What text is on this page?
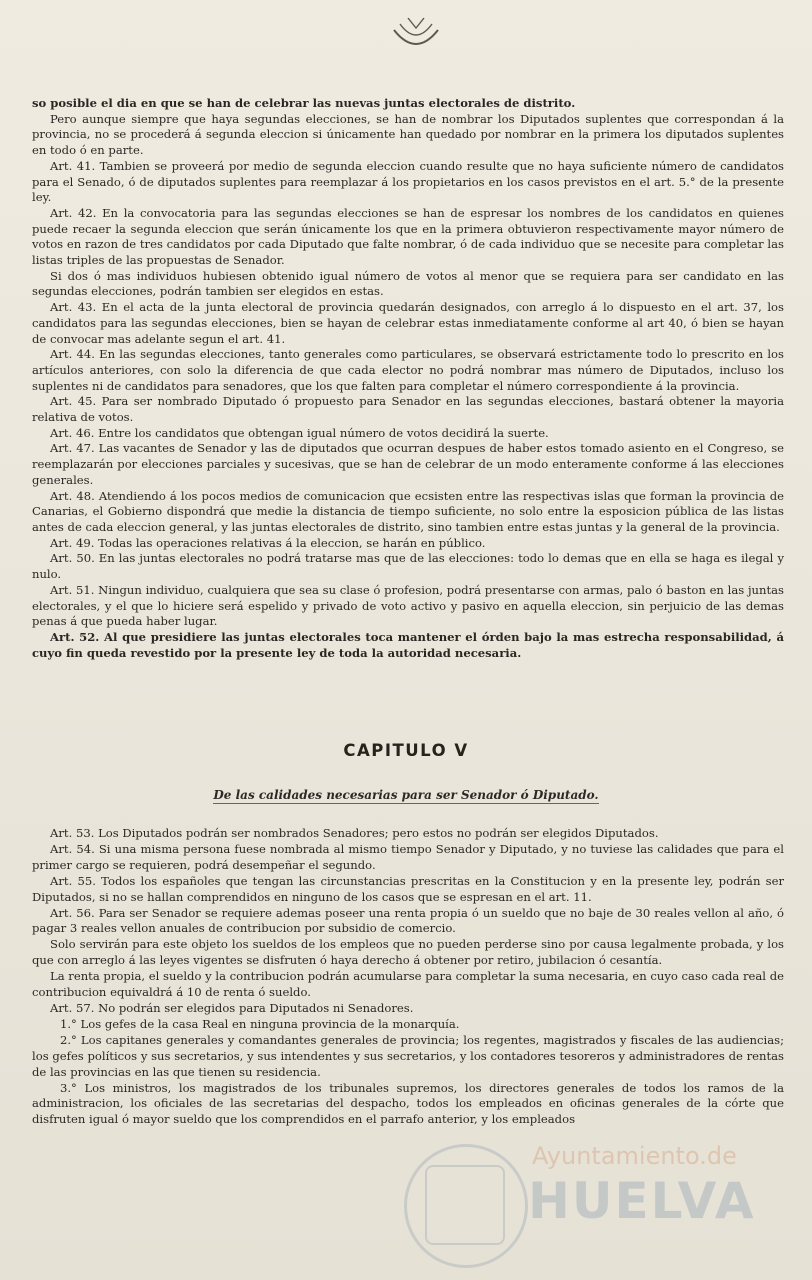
so posible el dia en que se han de celebrar las nuevas juntas electorales de distrito.

Pero aunque siempre que haya segundas elecciones, se han de nombrar los Diputados suplentes que correspondan á la provincia, no se procederá á segunda eleccion si únicamente han quedado por nombrar en la primera los diputados suplentes en todo ó en parte.

Art. 41. Tambien se proveerá por medio de segunda eleccion cuando resulte que no haya suficiente número de candidatos para el Senado, ó de diputados suplentes para reemplazar á los propietarios en los casos previstos en el art. 5.° de la presente ley.

Art. 42. En la convocatoria para las segundas elecciones se han de espresar los nombres de los candidatos en quienes puede recaer la segunda eleccion que serán únicamente los que en la primera obtuvieron respectivamente mayor número de votos en razon de tres candidatos por cada Diputado que falte nombrar, ó de cada individuo que se necesite para completar las listas triples de las propuestas de Senador.

Si dos ó mas individuos hubiesen obtenido igual número de votos al menor que se requiera para ser candidato en las segundas elecciones, podrán tambien ser elegidos en estas.

Art. 43. En el acta de la junta electoral de provincia quedarán designados, con arreglo á lo dispuesto en el art. 37, los candidatos para las segundas elecciones, bien se hayan de celebrar estas inmediatamente conforme al art 40, ó bien se hayan de convocar mas adelante segun el art. 41.

Art. 44. En las segundas elecciones, tanto generales como particulares, se observará estrictamente todo lo prescrito en los artículos anteriores, con solo la diferencia de que cada elector no podrá nombrar mas número de Diputados, incluso los suplentes ni de candidatos para senadores, que los que falten para completar el número correspondiente á la provincia.

Art. 45. Para ser nombrado Diputado ó propuesto para Senador en las segundas elecciones, bastará obtener la mayoria relativa de votos.

Art. 46. Entre los candidatos que obtengan igual número de votos decidirá la suerte.

Art. 47. Las vacantes de Senador y las de diputados que ocurran despues de haber estos tomado asiento en el Congreso, se reemplazarán por elecciones parciales y sucesivas, que se han de celebrar de un modo enteramente conforme á las elecciones generales.

Art. 48. Atendiendo á los pocos medios de comunicacion que ecsisten entre las respectivas islas que forman la provincia de Canarias, el Gobierno dispondrá que medie la distancia de tiempo suficiente, no solo entre la esposicion pública de las listas antes de cada eleccion general, y las juntas electorales de distrito, sino tambien entre estas juntas y la general de la provincia.

Art. 49. Todas las operaciones relativas á la eleccion, se harán en público.

Art. 50. En las juntas electorales no podrá tratarse mas que de las elecciones: todo lo demas que en ella se haga es ilegal y nulo.

Art. 51. Ningun individuo, cualquiera que sea su clase ó profesion, podrá presentarse con armas, palo ó baston en las juntas electorales, y el que lo hiciere será espelido y privado de voto activo y pasivo en aquella eleccion, sin perjuicio de las demas penas á que pueda haber lugar.

Art. 52. Al que presidiere las juntas electorales toca mantener el órden bajo la mas estrecha responsabilidad, á cuyo fin queda revestido por la presente ley de toda la autoridad necesaria.

CAPITULO V
De las calidades necesarias para ser Senador ó Diputado.

Art. 53. Los Diputados podrán ser nombrados Senadores; pero estos no podrán ser elegidos Diputados.

Art. 54. Si una misma persona fuese nombrada al mismo tiempo Senador y Diputado, y no tuviese las calidades que para el primer cargo se requieren, podrá desempeñar el segundo.

Art. 55. Todos los españoles que tengan las circunstancias prescritas en la Constitucion y en la presente ley, podrán ser Diputados, si no se hallan comprendidos en ninguno de los casos que se espresan en el art. 11.

Art. 56. Para ser Senador se requiere ademas poseer una renta propia ó un sueldo que no baje de 30 reales vellon al año, ó pagar 3 reales vellon anuales de contribucion por subsidio de comercio.

Solo servirán para este objeto los sueldos de los empleos que no pueden perderse sino por causa legalmente probada, y los que con arreglo á las leyes vigentes se disfruten ó haya derecho á obtener por retiro, jubilacion ó cesantía.

La renta propia, el sueldo y la contribucion podrán acumularse para completar la suma necesaria, en cuyo caso cada real de contribucion equivaldrá á 10 de renta ó sueldo.

Art. 57. No podrán ser elegidos para Diputados ni Senadores.

1.° Los gefes de la casa Real en ninguna provincia de la monarquía.

2.° Los capitanes generales y comandantes generales de provincia; los regentes, magistrados y fiscales de las audiencias; los gefes políticos y sus secretarios, y sus intendentes y sus secretarios, y los contadores tesoreros y administradores de rentas de las provincias en las que tienen su residencia.

3.° Los ministros, los magistrados de los tribunales supremos, los directores generales de todos los ramos de la administracion, los oficiales de las secretarias del despacho, todos los empleados en oficinas generales de la córte que disfruten igual ó mayor sueldo que los comprendidos en el parrafo anterior, y los empleados

Ayuntamiento.de
HUELVA
